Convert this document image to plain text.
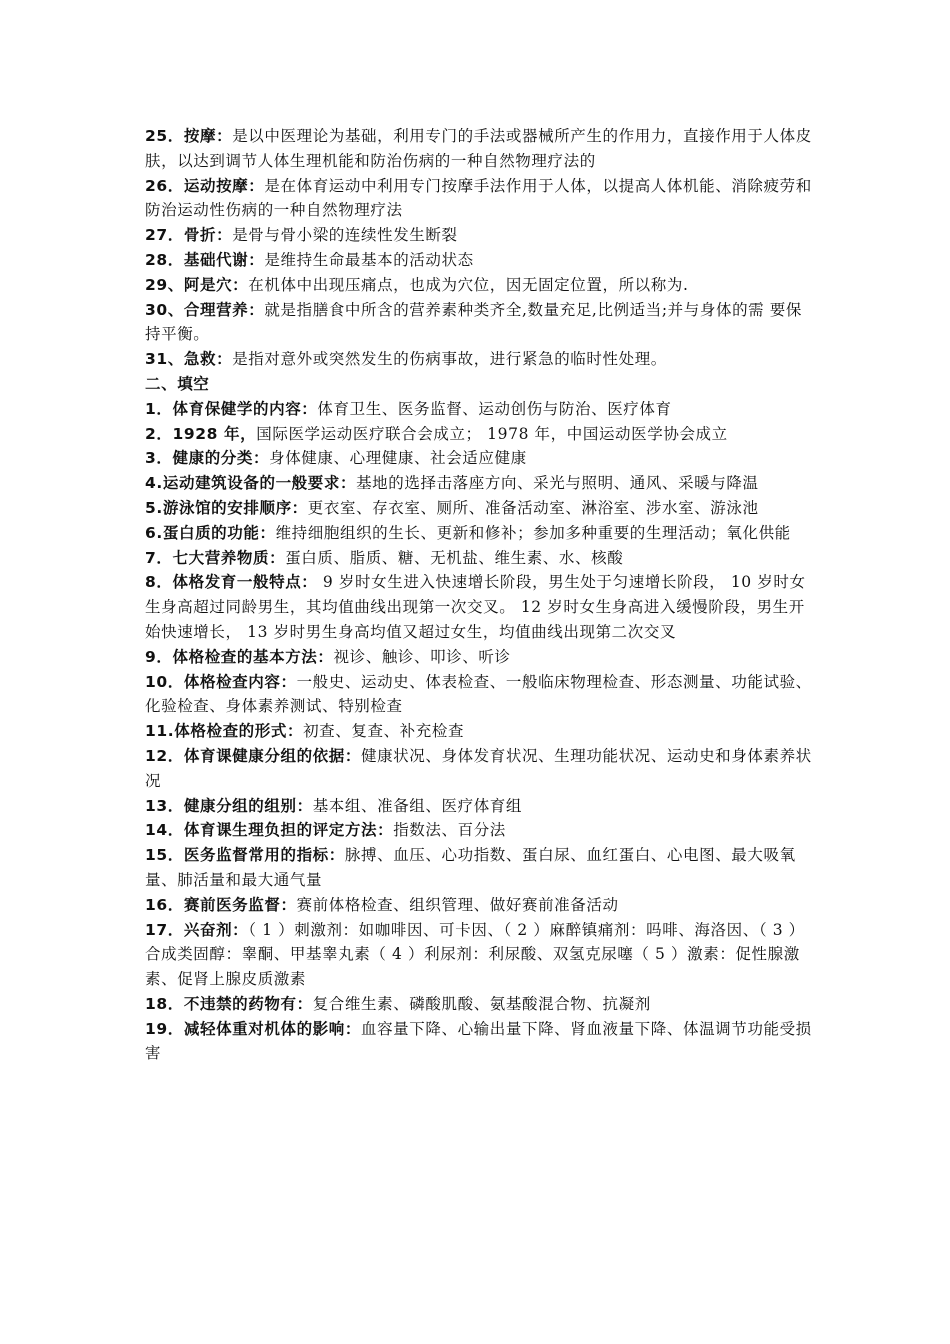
25．按摩：是以中医理论为基础，利用专门的手法或器械所产生的作用力，直接作用于人体皮肤，以达到调节人体生理机能和防治伤病的一种自然物理疗法的
26．运动按摩：是在体育运动中利用专门按摩手法作用于人体，以提高人体机能、消除疲劳和防治运动性伤病的一种自然物理疗法
27．骨折：是骨与骨小梁的连续性发生断裂
28．基础代谢：是维持生命最基本的活动状态
29、阿是穴：在机体中出现压痛点，也成为穴位，因无固定位置，所以称为.
30、合理营养：就是指膳食中所含的营养素种类齐全,数量充足,比例适当;并与身体的需 要保持平衡。
31、急救：是指对意外或突然发生的伤病事故，进行紧急的临时性处理。
二、填空
1．体育保健学的内容：体育卫生、医务监督、运动创伤与防治、医疗体育
2．1928 年，国际医学运动医疗联合会成立； 1978 年，中国运动医学协会成立
3．健康的分类：身体健康、心理健康、社会适应健康
4.运动建筑设备的一般要求：基地的选择击落座方向、采光与照明、通风、采暖与降温
5.游泳馆的安排顺序：更衣室、存衣室、厕所、准备活动室、淋浴室、涉水室、游泳池
6.蛋白质的功能：维持细胞组织的生长、更新和修补；参加多种重要的生理活动；氧化供能
7．七大营养物质：蛋白质、脂质、糖、无机盐、维生素、水、核酸
8．体格发育一般特点： 9 岁时女生进入快速增长阶段，男生处于匀速增长阶段， 10 岁时女生身高超过同龄男生，其均值曲线出现第一次交叉。 12 岁时女生身高进入缓慢阶段，男生开始快速增长， 13 岁时男生身高均值又超过女生，均值曲线出现第二次交叉
9．体格检查的基本方法：视诊、触诊、叩诊、听诊
10．体格检查内容：一般史、运动史、体表检查、一般临床物理检查、形态测量、功能试验、化验检查、身体素养测试、特别检查
11.体格检查的形式：初查、复查、补充检查
12．体育课健康分组的依据：健康状况、身体发育状况、生理功能状况、运动史和身体素养状况
13．健康分组的组别：基本组、准备组、医疗体育组
14．体育课生理负担的评定方法：指数法、百分法
15．医务监督常用的指标：脉搏、血压、心功指数、蛋白尿、血红蛋白、心电图、最大吸氧量、肺活量和最大通气量
16．赛前医务监督：赛前体格检查、组织管理、做好赛前准备活动
17．兴奋剂：（ 1 ）刺激剂：如咖啡因、可卡因、（ 2 ）麻醉镇痛剂：吗啡、海洛因、（ 3 ）合成类固醇：睾酮、甲基睾丸素（ 4 ）利尿剂：利尿酸、双氢克尿噻（ 5 ）激素：促性腺激素、促肾上腺皮质激素
18．不违禁的药物有：复合维生素、磷酸肌酸、氨基酸混合物、抗凝剂
19．减轻体重对机体的影响：血容量下降、心输出量下降、肾血液量下降、体温调节功能受损害
